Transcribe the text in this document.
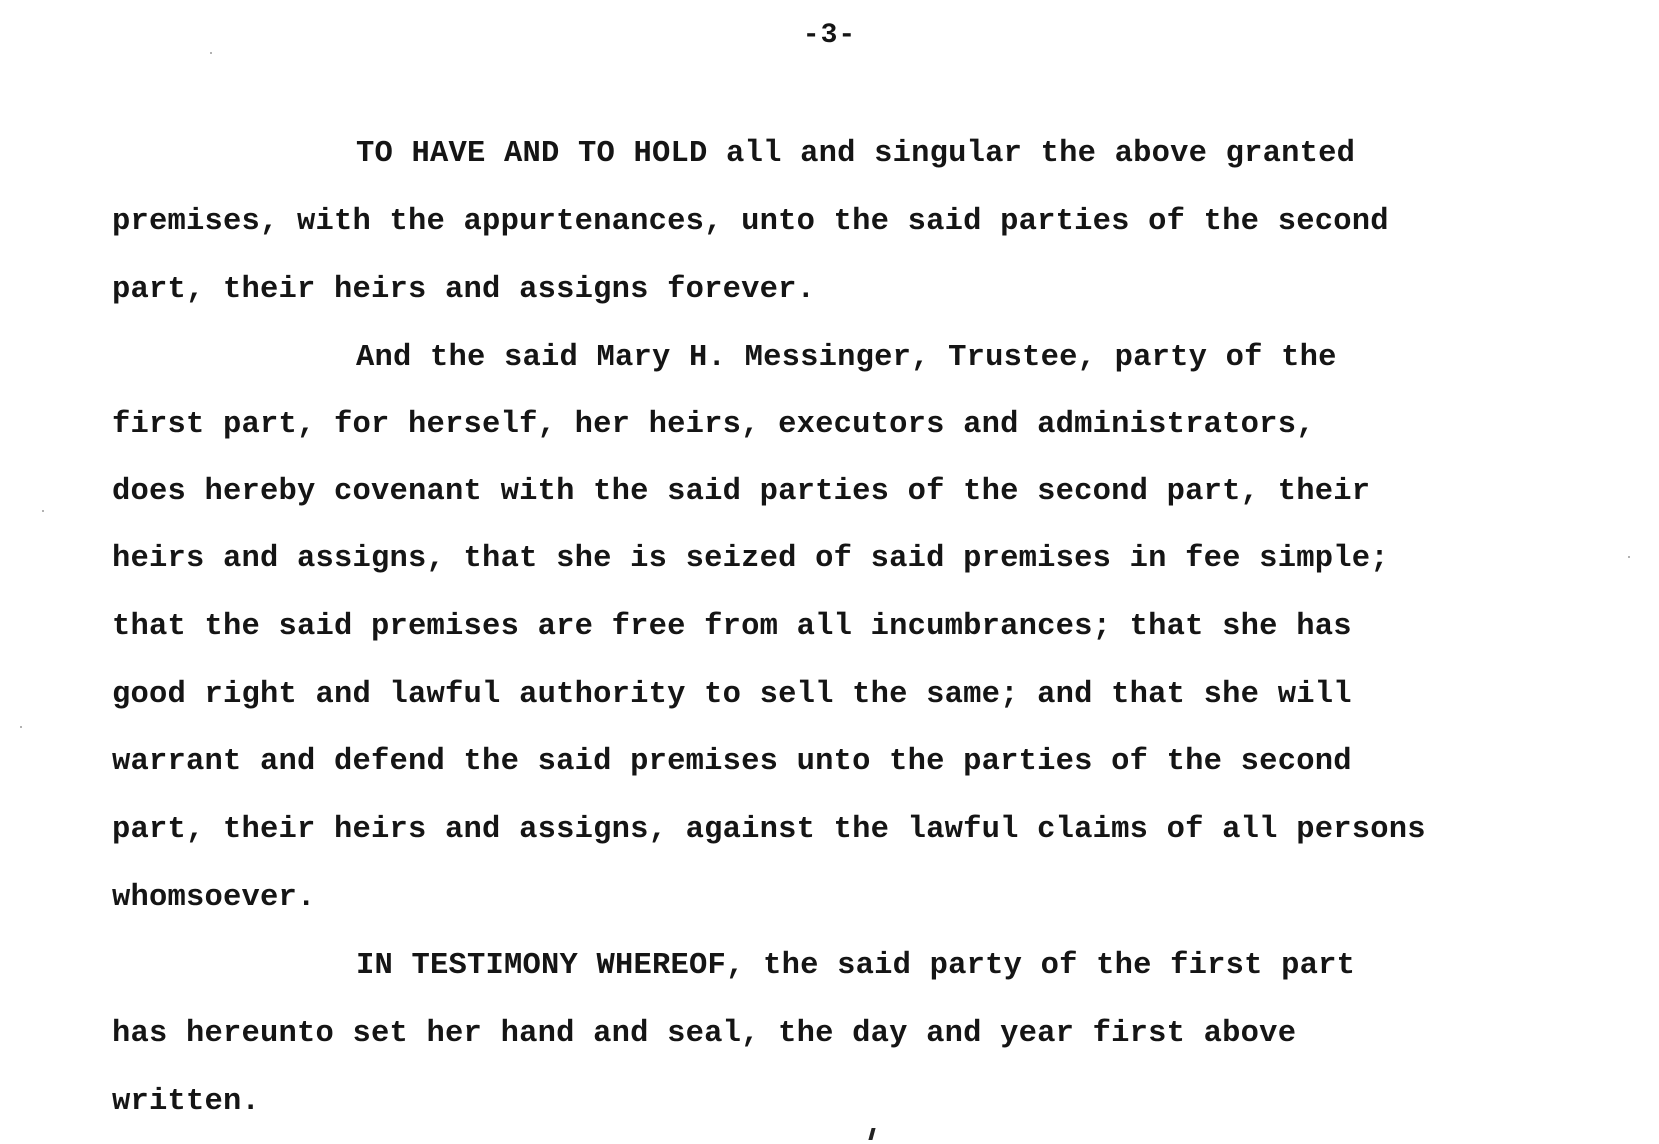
-3-
TO HAVE AND TO HOLD all and singular the above granted
premises, with the appurtenances, unto the said parties of the second
part, their heirs and assigns forever.
And the said Mary H. Messinger, Trustee, party of the
first part, for herself, her heirs, executors and administrators,
does hereby covenant with the said parties of the second part, their
heirs and assigns, that she is seized of said premises in fee simple;
that the said premises are free from all incumbrances; that she has
good right and lawful authority to sell the same; and that she will
warrant and defend the said premises unto the parties of the second
part, their heirs and assigns, against the lawful claims of all persons
whomsoever.
IN TESTIMONY WHEREOF, the said party of the first part
has hereunto set her hand and seal, the day and year first above
written.
